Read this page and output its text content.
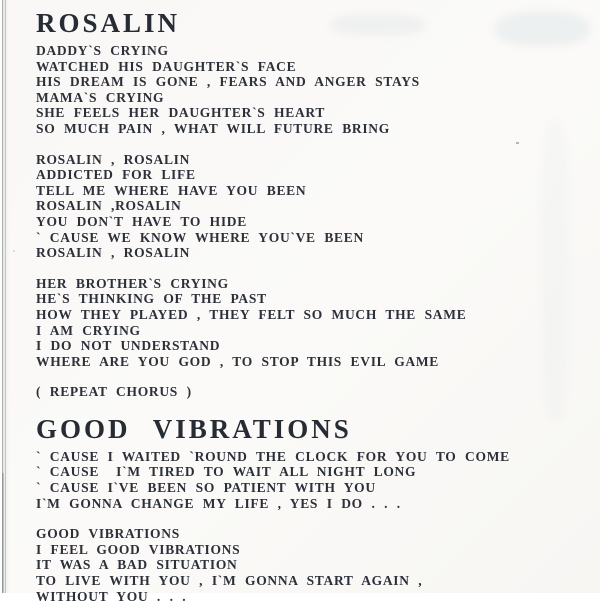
ROSALIN
DADDY`S CRYING
WATCHED HIS DAUGHTER`S FACE
HIS DREAM IS GONE , FEARS AND ANGER STAYS
MAMA`S CRYING
SHE FEELS HER DAUGHTER`S HEART
SO MUCH PAIN , WHAT WILL FUTURE BRING
ROSALIN , ROSALIN
ADDICTED FOR LIFE
TELL ME WHERE HAVE YOU BEEN
ROSALIN ,ROSALIN
YOU DON`T HAVE TO HIDE
` CAUSE WE KNOW WHERE YOU`VE BEEN
ROSALIN , ROSALIN
HER BROTHER`S CRYING
HE`S THINKING OF THE PAST
HOW THEY PLAYED , THEY FELT SO MUCH THE SAME
I AM CRYING
I DO NOT UNDERSTAND
WHERE ARE YOU GOD , TO STOP THIS EVIL GAME
( REPEAT CHORUS )
GOOD VIBRATIONS
` CAUSE I WAITED `ROUND THE CLOCK FOR YOU TO COME
` CAUSE  I`M TIRED TO WAIT ALL NIGHT LONG
` CAUSE I`VE BEEN SO PATIENT WITH YOU
I`M GONNA CHANGE MY LIFE , YES I DO . . .
GOOD VIBRATIONS
I FEEL GOOD VIBRATIONS
IT WAS A BAD SITUATION
TO LIVE WITH YOU , I`M GONNA START AGAIN ,
WITHOUT YOU . . .
